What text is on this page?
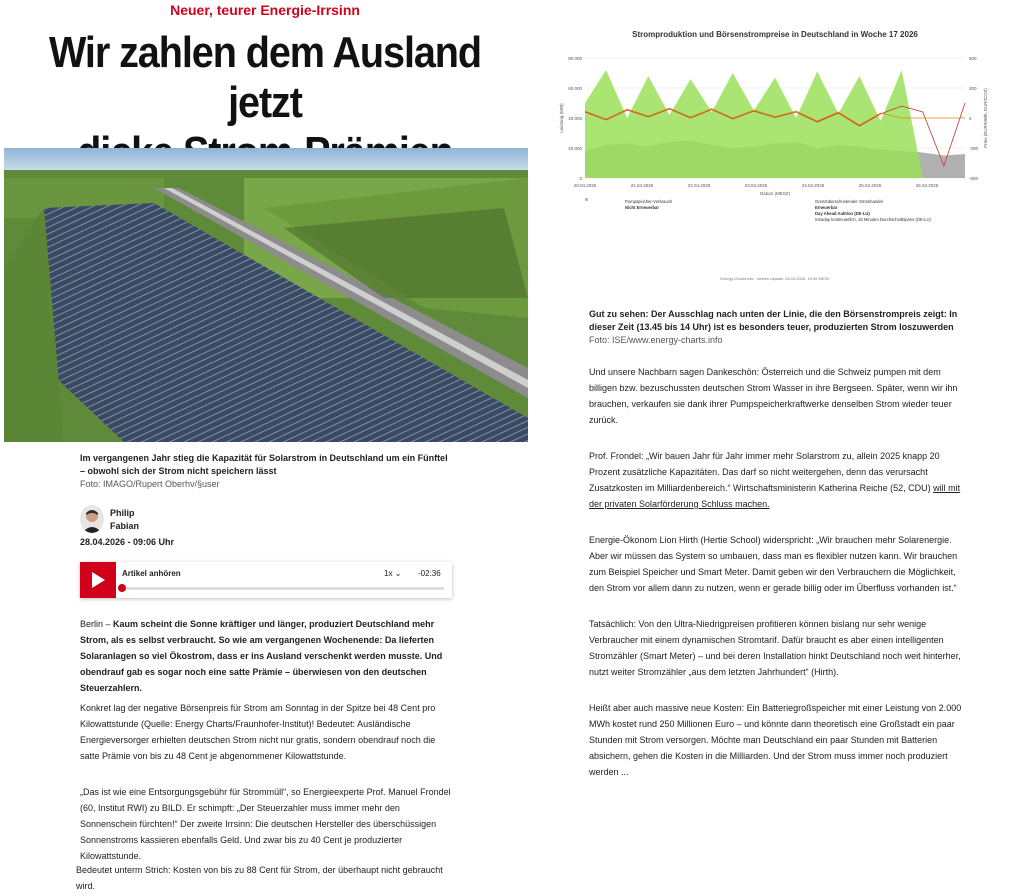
Neuer, teurer Energie-Irrsinn
Wir zahlen dem Ausland jetzt
Im vergangenen Jahr stieg die Kapazität für Solarstrom in Deutschland um ein Fünftel – obwohl sich der Strom nicht speichern lässt
Foto: IMAGO/Rupert Oberhv/§user
Philip
Fabian
28.04.2026 - 09:06 Uhr
Artikel anhören	1x ⌄ -02:36
Berlin – Kaum scheint die Sonne kräftiger und länger, produziert Deutschland mehr Strom, als es selbst verbraucht. So wie am vergangenen Wochenende: Da lieferten Solaranlagen so viel Ökostrom, dass er ins Ausland verschenkt werden musste. Und obendrauf gab es sogar noch eine satte Prämie – überwiesen von den deutschen Steuerzahlern.
Konkret lag der negative Börsenpreis für Strom am Sonntag in der Spitze bei 48 Cent pro Kilowattstunde (Quelle: Energy Charts/Fraunhofer-Institut)! Bedeutet: Ausländische Energieversorger erhielten deutschen Strom nicht nur gratis, sondern obendrauf noch die satte Prämie von bis zu 48 Cent je abgenommener Kilowattstunde.
„Das ist wie eine Entsorgungsgebühr für Strommüll“, so Energieexperte Prof. Manuel Frondel (60, Institut RWI) zu BILD. Er schimpft: „Der Steuerzahler muss immer mehr den Sonnenschein fürchten!“ Der zweite Irrsinn: Die deutschen Hersteller des überschüssigen Sonnenstroms kassieren ebenfalls Geld. Und zwar bis zu 40 Cent je produzierter Kilowattstunde.
Bedeutet unterm Strich: Kosten von bis zu 88 Cent für Strom, der überhaupt nicht gebraucht wird.
Stromproduktion und Börsenstrompreise in Deutschland in Woche 17 2026
80.000
60.000
40.000
20.000
0
600
300
0
-300
-600
20.04.2026	21.04.2026	22.04.2026	23.04.2026	24.04.2026	25.04.2026	26.04.2026
Datum (MESZ)
Leistung (MW)	Preis (EUR/MWh, EUR/tCO2)
Pumpspeicher-Verbrauch
Nicht Erneuerbar
Grenzüberschreitender Stromhandel
Erneuerbar
Day Ahead Auktion (DE-LU)
Intraday kontinuierlich, 15 Minuten Durchschnittspreis (DE-LU)
Energy-Charts.info - letztes Update: 25.04.2026, 15:45 MESZ
Gut zu sehen: Der Ausschlag nach unten der Linie, die den Börsenstrompreis zeigt: In dieser Zeit (13.45 bis 14 Uhr) ist es besonders teuer, produzierten Strom loszuwerden
Foto: ISE/www.energy-charts.info
Und unsere Nachbarn sagen Dankeschön: Österreich und die Schweiz pumpen mit dem billigen bzw. bezuschussten deutschen Strom Wasser in ihre Bergseen. Später, wenn wir ihn brauchen, verkaufen sie dank ihrer Pumpspeicherkraftwerke denselben Strom wieder teuer zurück.
Prof. Frondel: „Wir bauen Jahr für Jahr immer mehr Solarstrom zu, allein 2025 knapp 20 Prozent zusätzliche Kapazitäten. Das darf so nicht weitergehen, denn das verursacht Zusatzkosten im Milliardenbereich.“ Wirtschaftsministerin Katherina Reiche (52, CDU) will mit der privaten Solarförderung Schluss machen.
Energie-Ökonom Lion Hirth (Hertie School) widerspricht: „Wir brauchen mehr Solarenergie. Aber wir müssen das System so umbauen, dass man es flexibler nutzen kann. Wir brauchen zum Beispiel Speicher und Smart Meter. Damit geben wir den Verbrauchern die Möglichkeit, den Strom vor allem dann zu nutzen, wenn er gerade billig oder im Überfluss vorhanden ist.“
Tatsächlich: Von den Ultra-Niedrigpreisen profitieren können bislang nur sehr wenige Verbraucher mit einem dynamischen Stromtarif. Dafür braucht es aber einen intelligenten Stromzähler (Smart Meter) – und bei deren Installation hinkt Deutschland noch weit hinterher, nutzt weiter Stromzähler „aus dem letzten Jahrhundert“ (Hirth).
Heißt aber auch massive neue Kosten: Ein Batteriegroßspeicher mit einer Leistung von 2.000 MWh kostet rund 250 Millionen Euro – und könnte dann theoretisch eine Großstadt ein paar Stunden mit Strom versorgen. Möchte man Deutschland ein paar Stunden mit Batterien absichern, gehen die Kosten in die Milliarden. Und der Strom muss immer noch produziert werden ...
